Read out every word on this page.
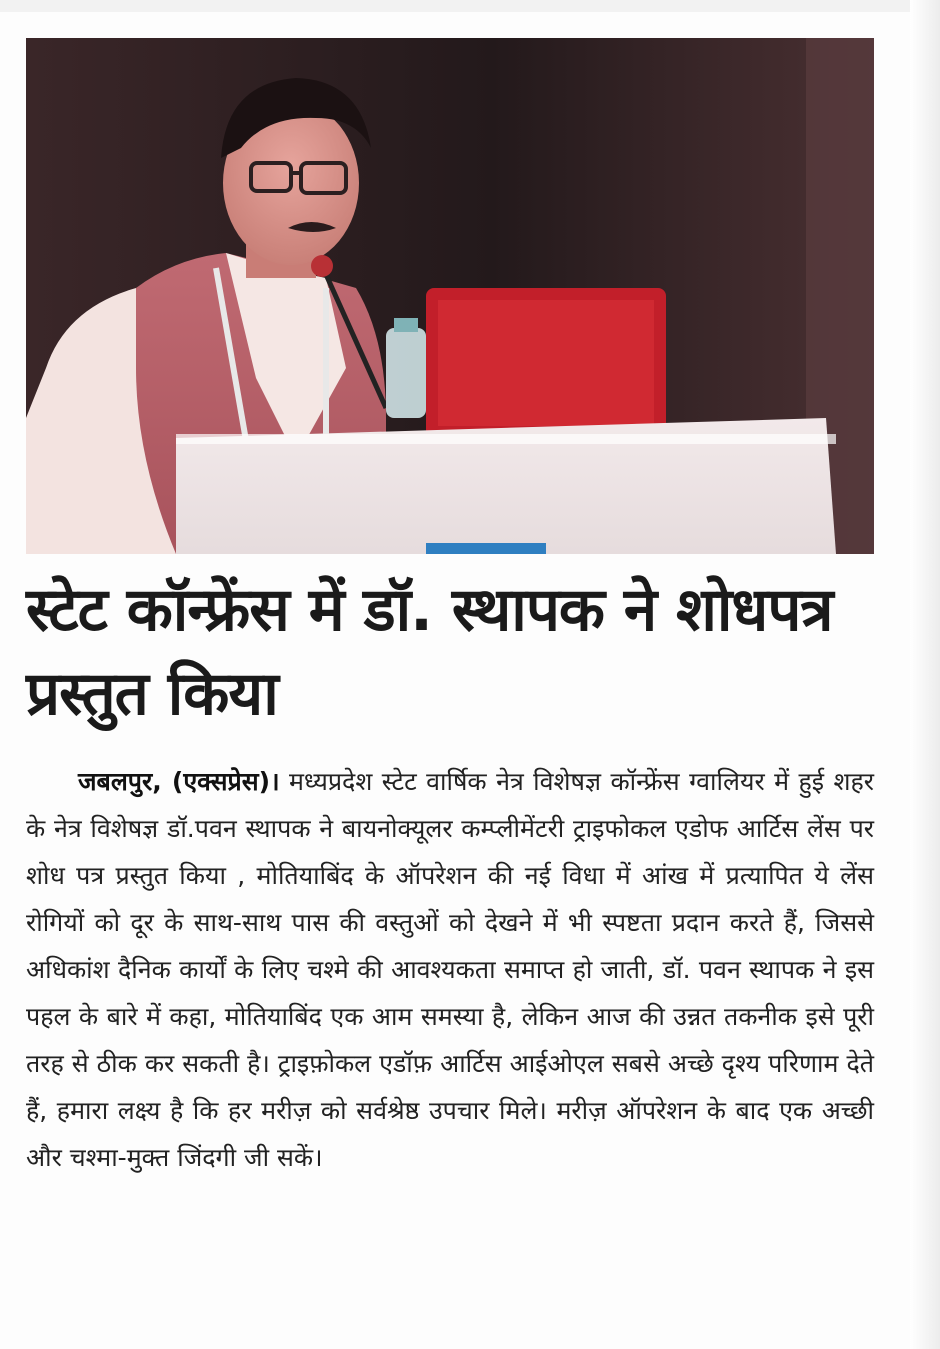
स्टेट कॉन्फ्रेंस में डॉ. स्थापक ने शोधपत्र प्रस्तुत किया

जबलपुर, (एक्सप्रेस)। मध्यप्रदेश स्टेट वार्षिक नेत्र विशेषज्ञ कॉन्फ्रेंस ग्वालियर में हुई शहर के नेत्र विशेषज्ञ डॉ.पवन स्थापक ने बायनोक्यूलर कम्प्लीमेंटरी ट्राइफोकल एडोफ आर्टिस लेंस पर शोध पत्र प्रस्तुत किया , मोतियाबिंद के ऑपरेशन की नई विधा में आंख में प्रत्यापित ये लेंस रोगियों को दूर के साथ-साथ पास की वस्तुओं को देखने में भी स्पष्टता प्रदान करते हैं, जिससे अधिकांश दैनिक कार्यों के लिए चश्मे की आवश्यकता समाप्त हो जाती, डॉ. पवन स्थापक ने इस पहल के बारे में कहा, मोतियाबिंद एक आम समस्या है, लेकिन आज की उन्नत तकनीक इसे पूरी तरह से ठीक कर सकती है। ट्राइफ़ोकल एडॉफ़ आर्टिस आईओएल सबसे अच्छे दृश्य परिणाम देते हैं, हमारा लक्ष्य है कि हर मरीज़ को सर्वश्रेष्ठ उपचार मिले। मरीज़ ऑपरेशन के बाद एक अच्छी और चश्मा-मुक्त जिंदगी जी सकें।
